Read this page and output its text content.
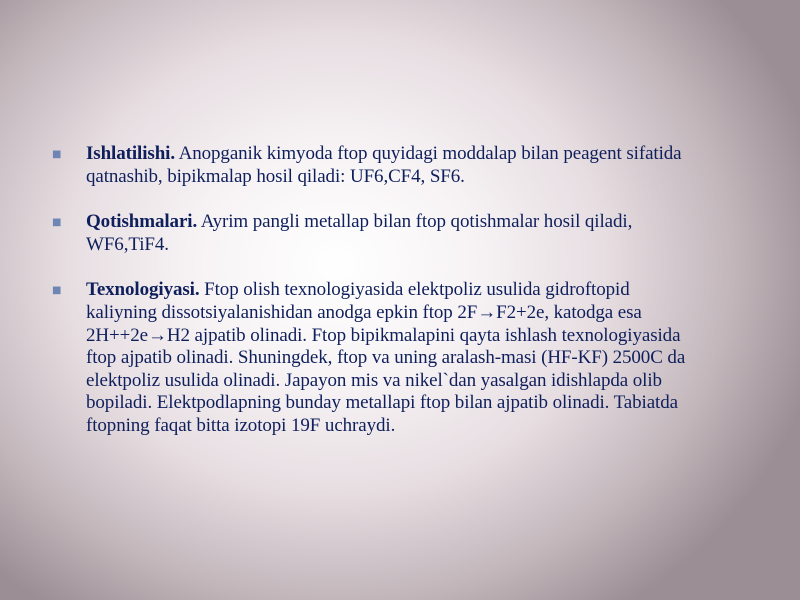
■	Ishlatilishi. Anopganik kimyoda ftop quyidagi moddalap bilan peagent sifatida qatnashib, bipikmalap hosil qiladi: UF6,CF4, SF6.
■	Qotishmalari. Ayrim pangli metallap bilan ftop qotishmalar hosil qiladi, WF6,TiF4.
■	Texnologiyasi. Ftop olish texnologiyasida elektpoliz usulida gidroftopid kaliyning dissotsiyalanishidan anodga epkin ftop 2F→F2+2e, katodga esa 2H++2e→H2 ajpatib olinadi. Ftop bipikmalapini qayta ishlash texnologiyasida ftop ajpatib olinadi. Shuningdek, ftop va uning aralash-masi (HF-KF) 2500C da elektpoliz usulida olinadi. Japayon mis va nikel`dan yasalgan idishlapda olib bopiladi. Elektpodlapning bunday metallapi ftop bilan ajpatib olinadi. Tabiatda ftopning faqat bitta izotopi 19F uchraydi.
